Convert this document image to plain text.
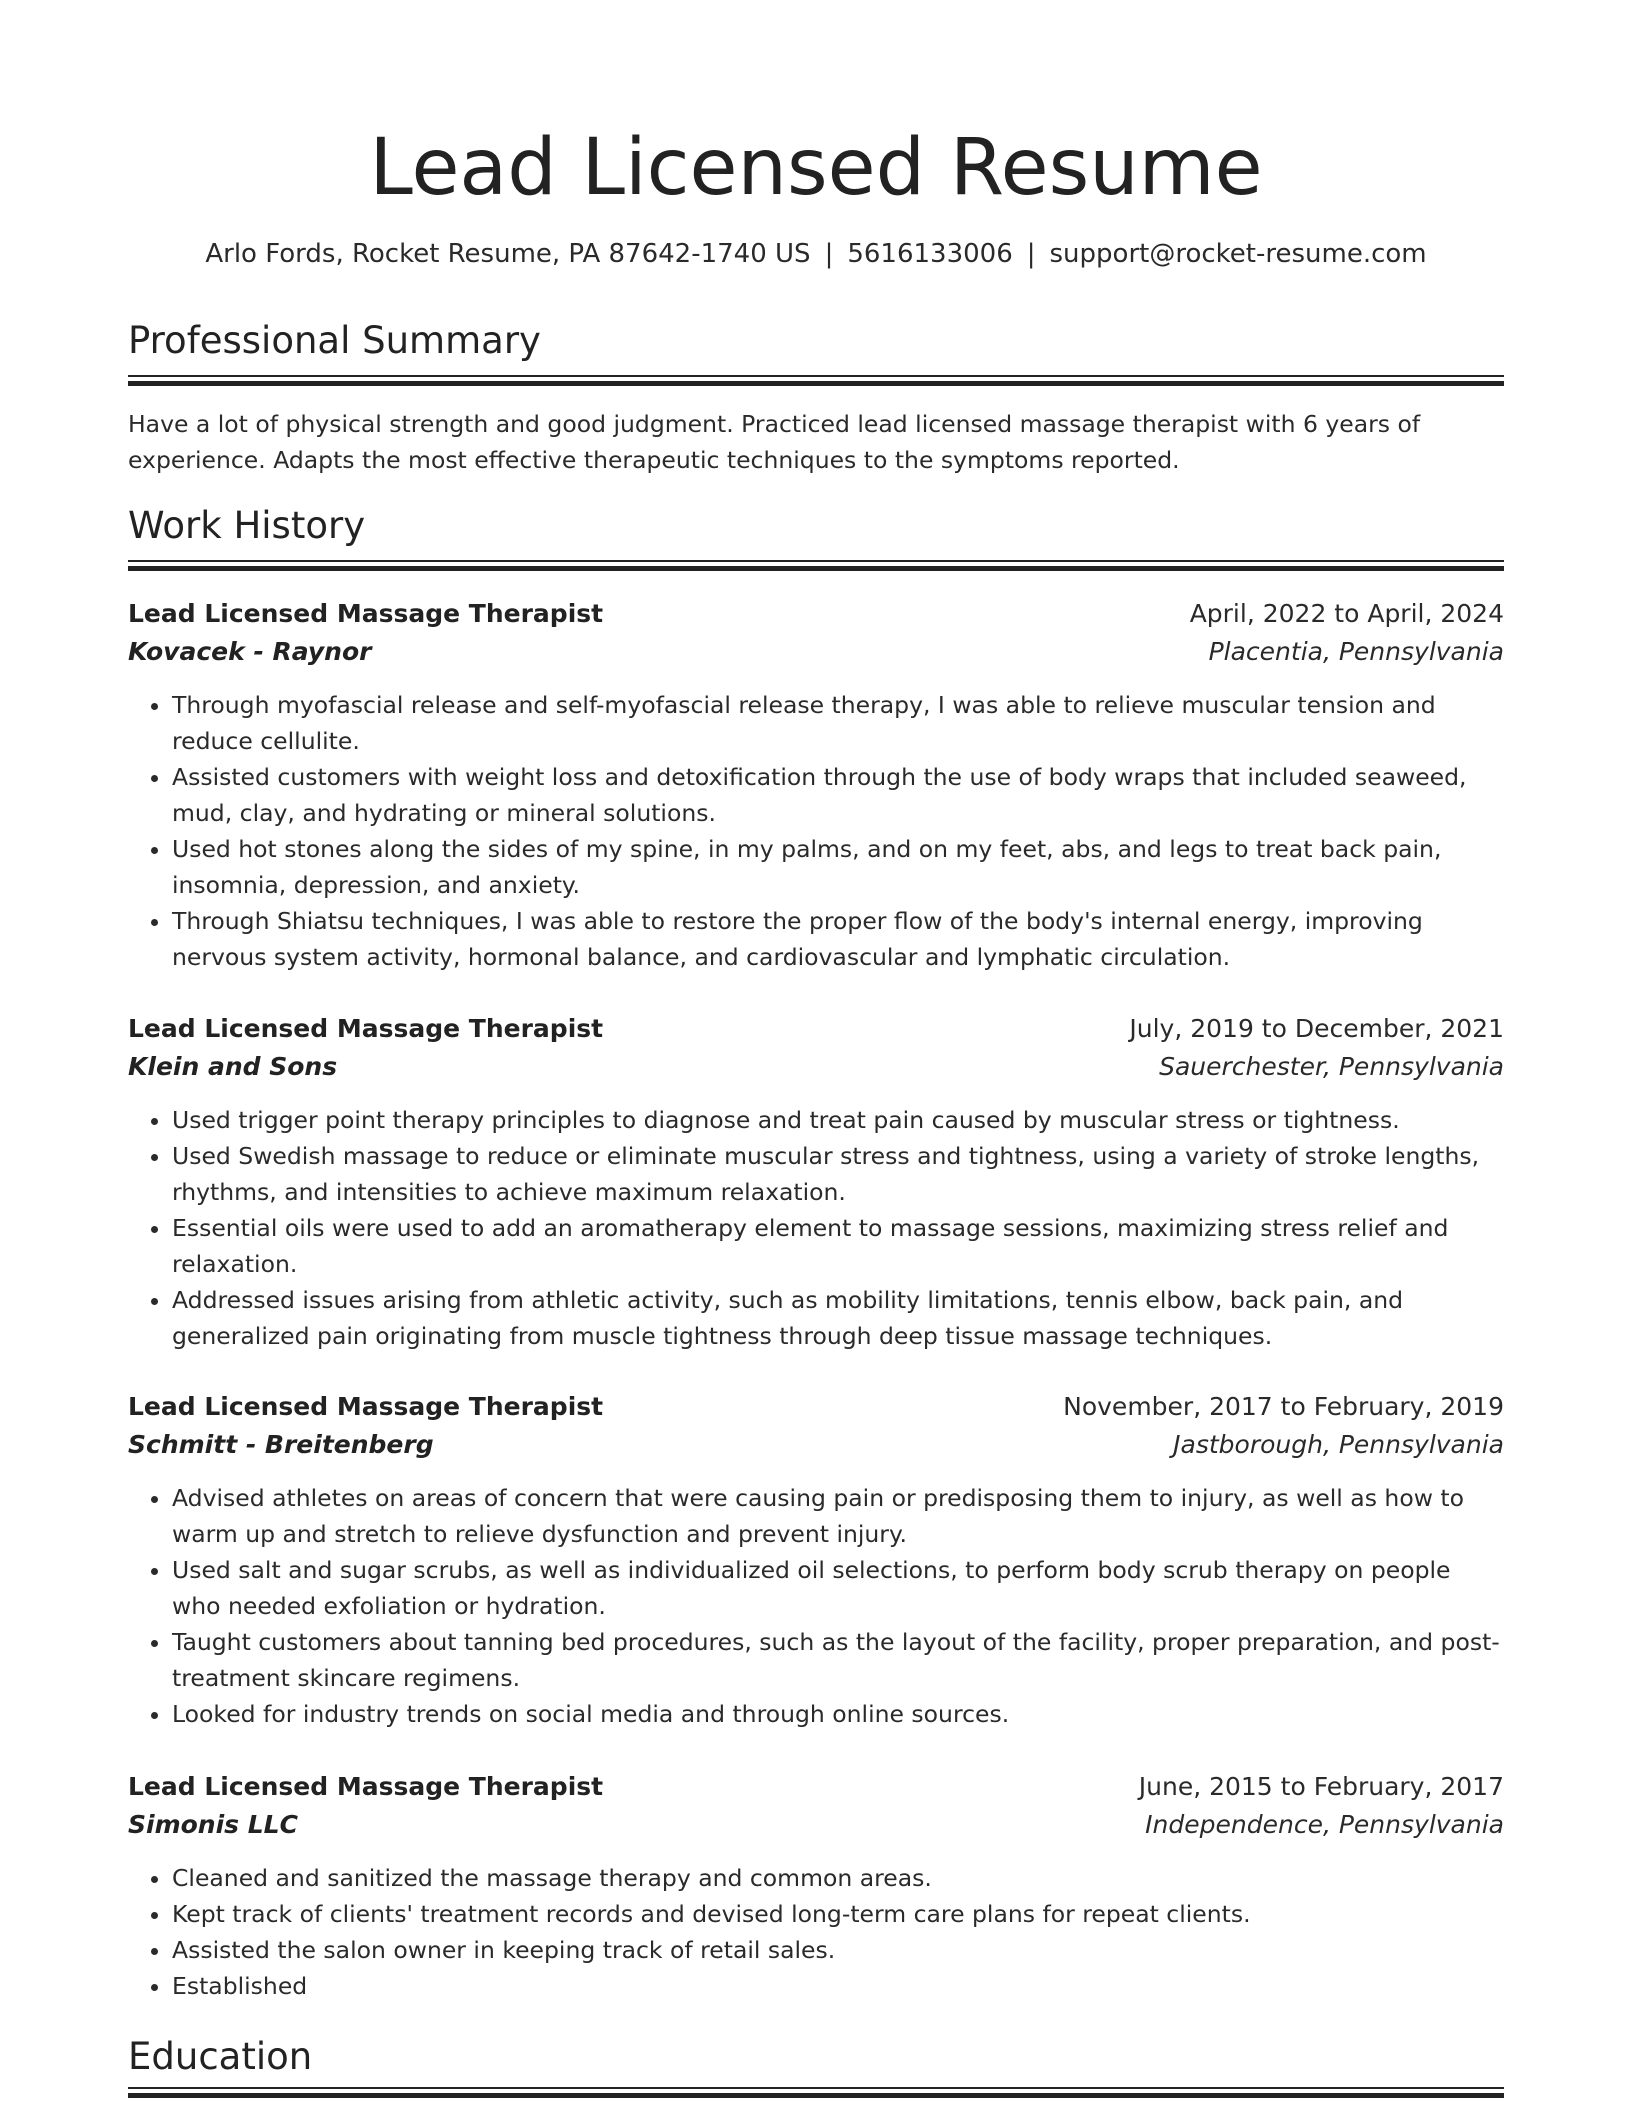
Lead Licensed Resume
Arlo Fords, Rocket Resume, PA 87642-1740 US | 5616133006 | support@rocket-resume.com
Professional Summary

Have a lot of physical strength and good judgment. Practiced lead licensed massage therapist with 6 years of experience. Adapts the most effective therapeutic techniques to the symptoms reported.

Work History
Lead Licensed Massage Therapist	April, 2022 to April, 2024
Kovacek - Raynor	Placentia, Pennsylvania
• Through myofascial release and self-myofascial release therapy, I was able to relieve muscular tension and reduce cellulite.
• Assisted customers with weight loss and detoxification through the use of body wraps that included seaweed, mud, clay, and hydrating or mineral solutions.
• Used hot stones along the sides of my spine, in my palms, and on my feet, abs, and legs to treat back pain, insomnia, depression, and anxiety.
• Through Shiatsu techniques, I was able to restore the proper flow of the body's internal energy, improving nervous system activity, hormonal balance, and cardiovascular and lymphatic circulation.
Lead Licensed Massage Therapist	July, 2019 to December, 2021
Klein and Sons	Sauerchester, Pennsylvania
• Used trigger point therapy principles to diagnose and treat pain caused by muscular stress or tightness.
• Used Swedish massage to reduce or eliminate muscular stress and tightness, using a variety of stroke lengths, rhythms, and intensities to achieve maximum relaxation.
• Essential oils were used to add an aromatherapy element to massage sessions, maximizing stress relief and relaxation.
• Addressed issues arising from athletic activity, such as mobility limitations, tennis elbow, back pain, and generalized pain originating from muscle tightness through deep tissue massage techniques.
Lead Licensed Massage Therapist	November, 2017 to February, 2019
Schmitt - Breitenberg	Jastborough, Pennsylvania
• Advised athletes on areas of concern that were causing pain or predisposing them to injury, as well as how to warm up and stretch to relieve dysfunction and prevent injury.
• Used salt and sugar scrubs, as well as individualized oil selections, to perform body scrub therapy on people who needed exfoliation or hydration.
• Taught customers about tanning bed procedures, such as the layout of the facility, proper preparation, and post-treatment skincare regimens.
• Looked for industry trends on social media and through online sources.
Lead Licensed Massage Therapist	June, 2015 to February, 2017
Simonis LLC	Independence, Pennsylvania
• Cleaned and sanitized the massage therapy and common areas.
• Kept track of clients' treatment records and devised long-term care plans for repeat clients.
• Assisted the salon owner in keeping track of retail sales.
• Established
Education
